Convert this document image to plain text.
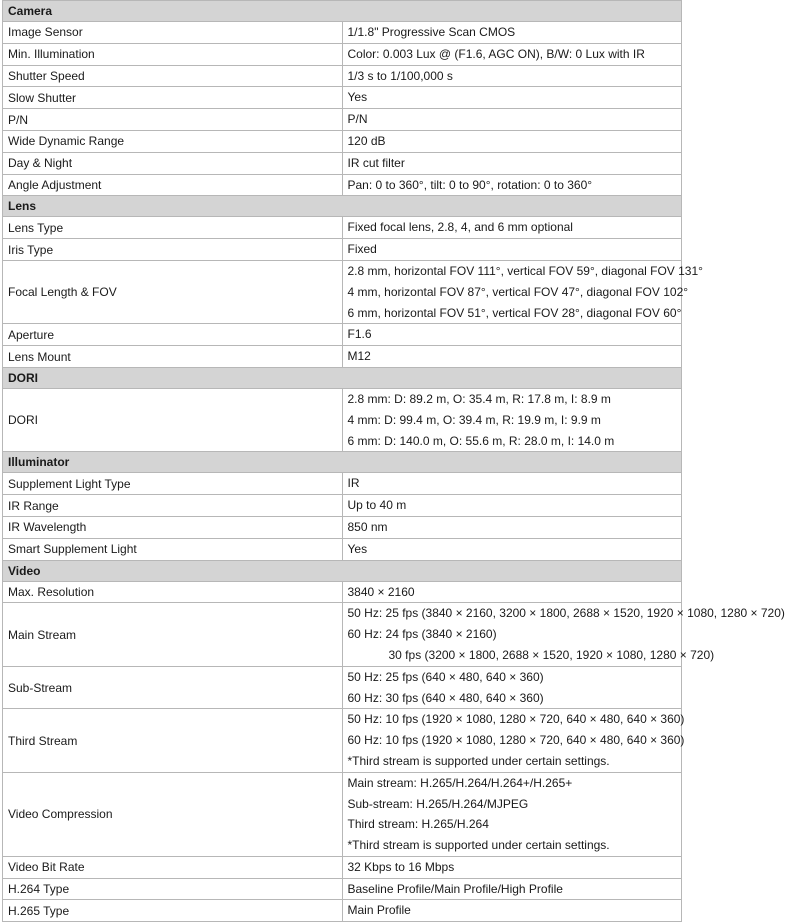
Camera	
Image Sensor	1/1.8" Progressive Scan CMOS

Min. Illumination	Color: 0.003 Lux @ (F1.6, AGC ON), B/W: 0 Lux with IR

Shutter Speed	1/3 s to 1/100,000 s

Slow Shutter	Yes

P/N	P/N

Wide Dynamic Range	120 dB

Day & Night	IR cut filter

Angle Adjustment	Pan: 0 to 360°, tilt: 0 to 90°, rotation: 0 to 360°

Lens	
Lens Type	Fixed focal lens, 2.8, 4, and 6 mm optional

Iris Type	Fixed

Focal Length & FOV	2.8 mm, horizontal FOV 111°, vertical FOV 59°, diagonal FOV 131°
4 mm, horizontal FOV 87°, vertical FOV 47°, diagonal FOV 102°
6 mm, horizontal FOV 51°, vertical FOV 28°, diagonal FOV 60°

Aperture	F1.6

Lens Mount	M12

DORI	
DORI	2.8 mm: D: 89.2 m, O: 35.4 m, R: 17.8 m, I: 8.9 m
4 mm: D: 99.4 m, O: 39.4 m, R: 19.9 m, I: 9.9 m
6 mm: D: 140.0 m, O: 55.6 m, R: 28.0 m, I: 14.0 m

Illuminator	
Supplement Light Type	IR

IR Range	Up to 40 m

IR Wavelength	850 nm

Smart Supplement Light	Yes

Video	
Max. Resolution	3840 × 2160

Main Stream	50 Hz: 25 fps (3840 × 2160, 3200 × 1800, 2688 × 1520, 1920 × 1080, 1280 × 720)
60 Hz: 24 fps (3840 × 2160)
30 fps (3200 × 1800, 2688 × 1520, 1920 × 1080, 1280 × 720)

Sub-Stream	50 Hz: 25 fps (640 × 480, 640 × 360)
60 Hz: 30 fps (640 × 480, 640 × 360)

Third Stream	50 Hz: 10 fps (1920 × 1080, 1280 × 720, 640 × 480, 640 × 360)
60 Hz: 10 fps (1920 × 1080, 1280 × 720, 640 × 480, 640 × 360)
*Third stream is supported under certain settings.

Video Compression	Main stream: H.265/H.264/H.264+/H.265+
Sub-stream: H.265/H.264/MJPEG
Third stream: H.265/H.264
*Third stream is supported under certain settings.

Video Bit Rate	32 Kbps to 16 Mbps

H.264 Type	Baseline Profile/Main Profile/High Profile

H.265 Type	Main Profile
